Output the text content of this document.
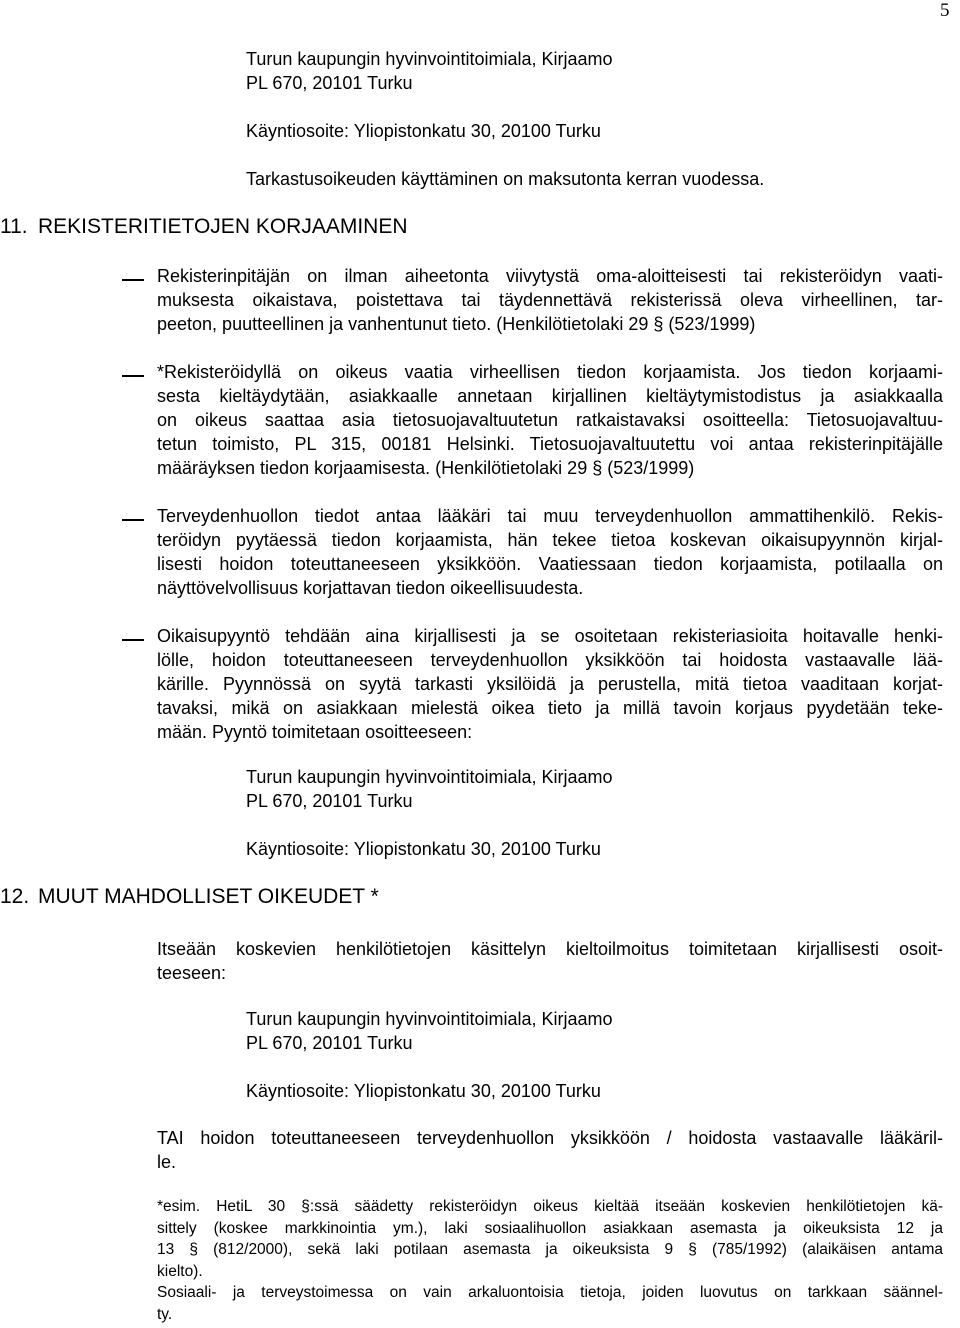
5
Turun kaupungin hyvinvointitoimiala, Kirjaamo
PL 670, 20101 Turku
Käyntiosoite: Yliopistonkatu 30, 20100 Turku
Tarkastusoikeuden käyttäminen on maksutonta kerran vuodessa.
11. REKISTERITIETOJEN KORJAAMINEN
Rekisterinpitäjän on ilman aiheetonta viivytystä oma-aloitteisesti tai rekisteröidyn vaati-
muksesta oikaistava, poistettava tai täydennettävä rekisterissä oleva virheellinen, tar-
peeton, puutteellinen ja vanhentunut tieto. (Henkilötietolaki 29 § (523/1999)
*Rekisteröidyllä on oikeus vaatia virheellisen tiedon korjaamista. Jos tiedon korjaami-
sesta kieltäydytään, asiakkaalle annetaan kirjallinen kieltäytymistodistus ja asiakkaalla
on oikeus saattaa asia tietosuojavaltuutetun ratkaistavaksi osoitteella: Tietosuojavaltuu-
tetun toimisto, PL 315, 00181 Helsinki. Tietosuojavaltuutettu voi antaa rekisterinpitäjälle
määräyksen tiedon korjaamisesta. (Henkilötietolaki 29 § (523/1999)
Terveydenhuollon tiedot antaa lääkäri tai muu terveydenhuollon ammattihenkilö. Rekis-
teröidyn pyytäessä tiedon korjaamista, hän tekee tietoa koskevan oikaisupyynnön kirjal-
lisesti hoidon toteuttaneeseen yksikköön. Vaatiessaan tiedon korjaamista, potilaalla on
näyttövelvollisuus korjattavan tiedon oikeellisuudesta.
Oikaisupyyntö tehdään aina kirjallisesti ja se osoitetaan rekisteriasioita hoitavalle henki-
lölle, hoidon toteuttaneeseen terveydenhuollon yksikköön tai hoidosta vastaavalle lää-
kärille. Pyynnössä on syytä tarkasti yksilöidä ja perustella, mitä tietoa vaaditaan korjat-
tavaksi, mikä on asiakkaan mielestä oikea tieto ja millä tavoin korjaus pyydetään teke-
mään. Pyyntö toimitetaan osoitteeseen:
Turun kaupungin hyvinvointitoimiala, Kirjaamo
PL 670, 20101 Turku
Käyntiosoite: Yliopistonkatu 30, 20100 Turku
12. MUUT MAHDOLLISET OIKEUDET *
Itseään koskevien henkilötietojen käsittelyn kieltoilmoitus toimitetaan kirjallisesti osoit-
teeseen:
Turun kaupungin hyvinvointitoimiala, Kirjaamo
PL 670, 20101 Turku
Käyntiosoite: Yliopistonkatu 30, 20100 Turku
TAI hoidon toteuttaneeseen terveydenhuollon yksikköön / hoidosta vastaavalle lääkäril-
le.
*esim. HetiL 30 §:ssä säädetty rekisteröidyn oikeus kieltää itseään koskevien henkilötietojen kä-
sittely (koskee markkinointia ym.), laki sosiaalihuollon asiakkaan asemasta ja oikeuksista 12 ja
13 § (812/2000), sekä laki potilaan asemasta ja oikeuksista 9 § (785/1992) (alaikäisen antama
kielto).
Sosiaali- ja terveystoimessa on vain arkaluontoisia tietoja, joiden luovutus on tarkkaan säännel-
ty.
